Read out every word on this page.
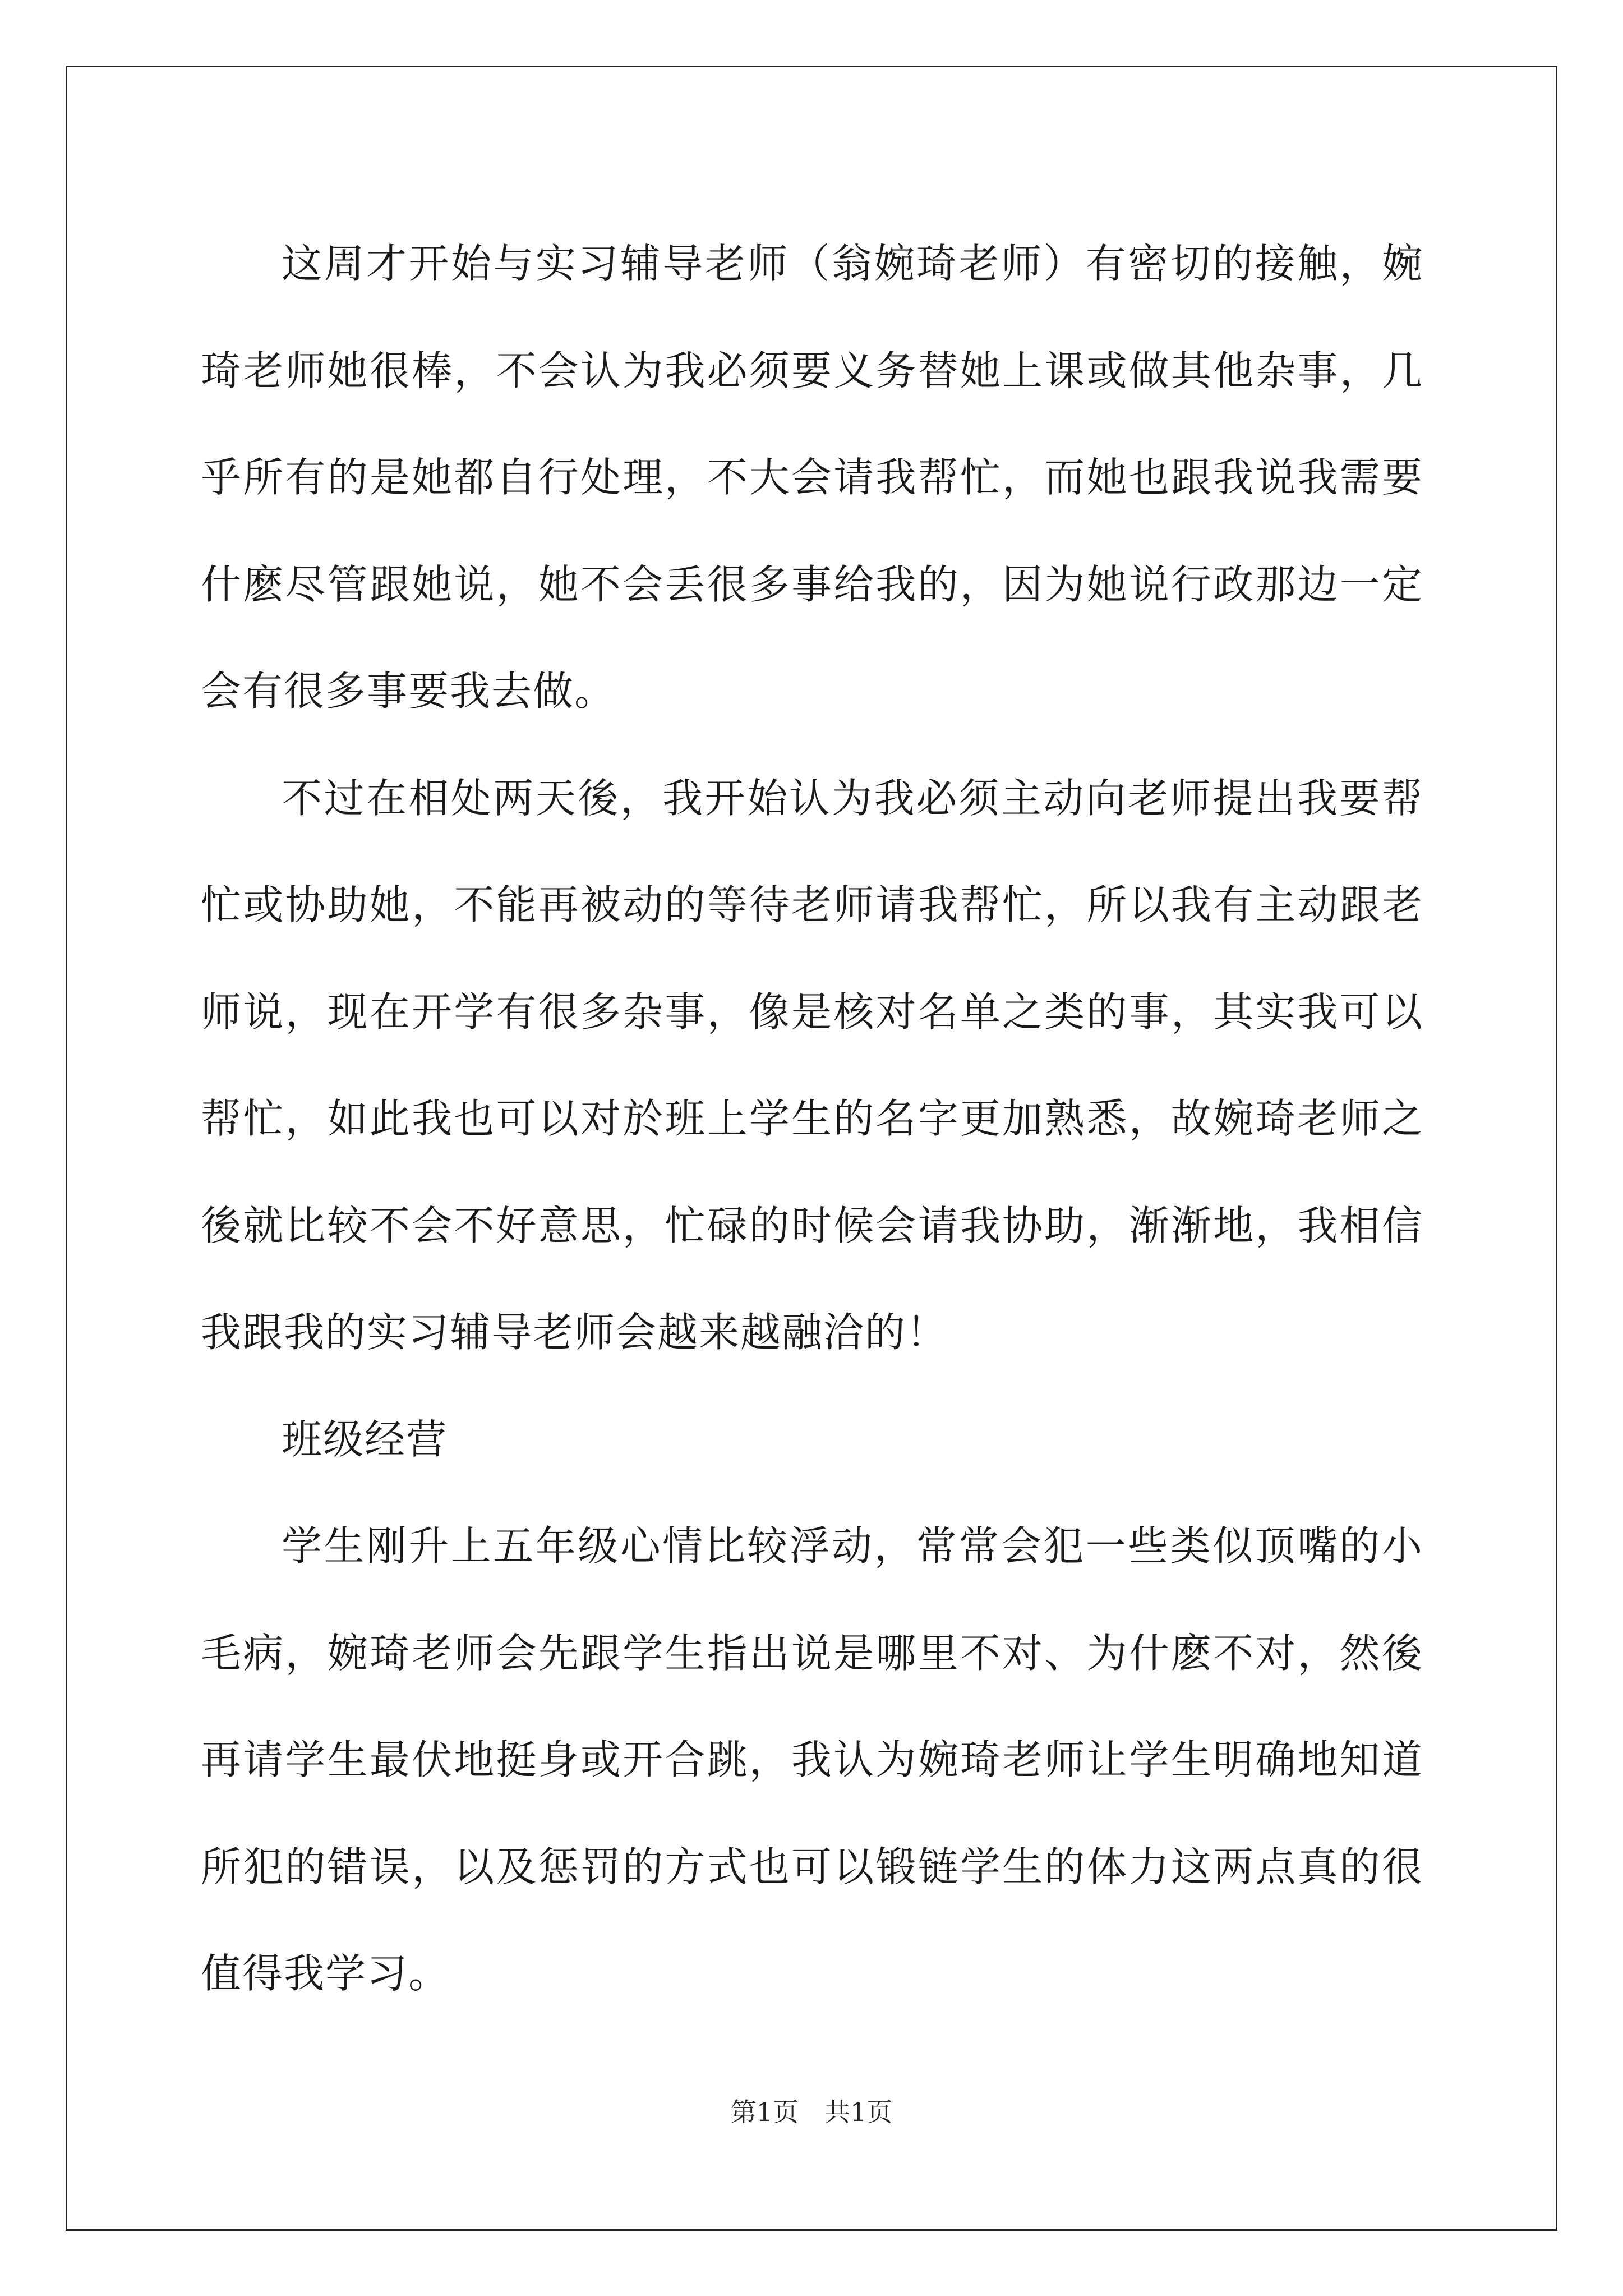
这周才开始与实习辅导老师（翁婉琦老师）有密切的接触，婉琦老师她很棒，不会认为我必须要义务替她上课或做其他杂事，几乎所有的是她都自行处理，不大会请我帮忙，而她也跟我说我需要什麽尽管跟她说，她不会丢很多事给我的，因为她说行政那边一定会有很多事要我去做。

不过在相处两天後，我开始认为我必须主动向老师提出我要帮忙或协助她，不能再被动的等待老师请我帮忙，所以我有主动跟老师说，现在开学有很多杂事，像是核对名单之类的事，其实我可以帮忙，如此我也可以对於班上学生的名字更加熟悉，故婉琦老师之後就比较不会不好意思，忙碌的时候会请我协助，渐渐地，我相信我跟我的实习辅导老师会越来越融洽的！

班级经营

学生刚升上五年级心情比较浮动，常常会犯一些类似顶嘴的小毛病，婉琦老师会先跟学生指出说是哪里不对、为什麽不对，然後再请学生最伏地挺身或开合跳，我认为婉琦老师让学生明确地知道所犯的错误，以及惩罚的方式也可以锻链学生的体力这两点真的很值得我学习。

第1页 共1页
